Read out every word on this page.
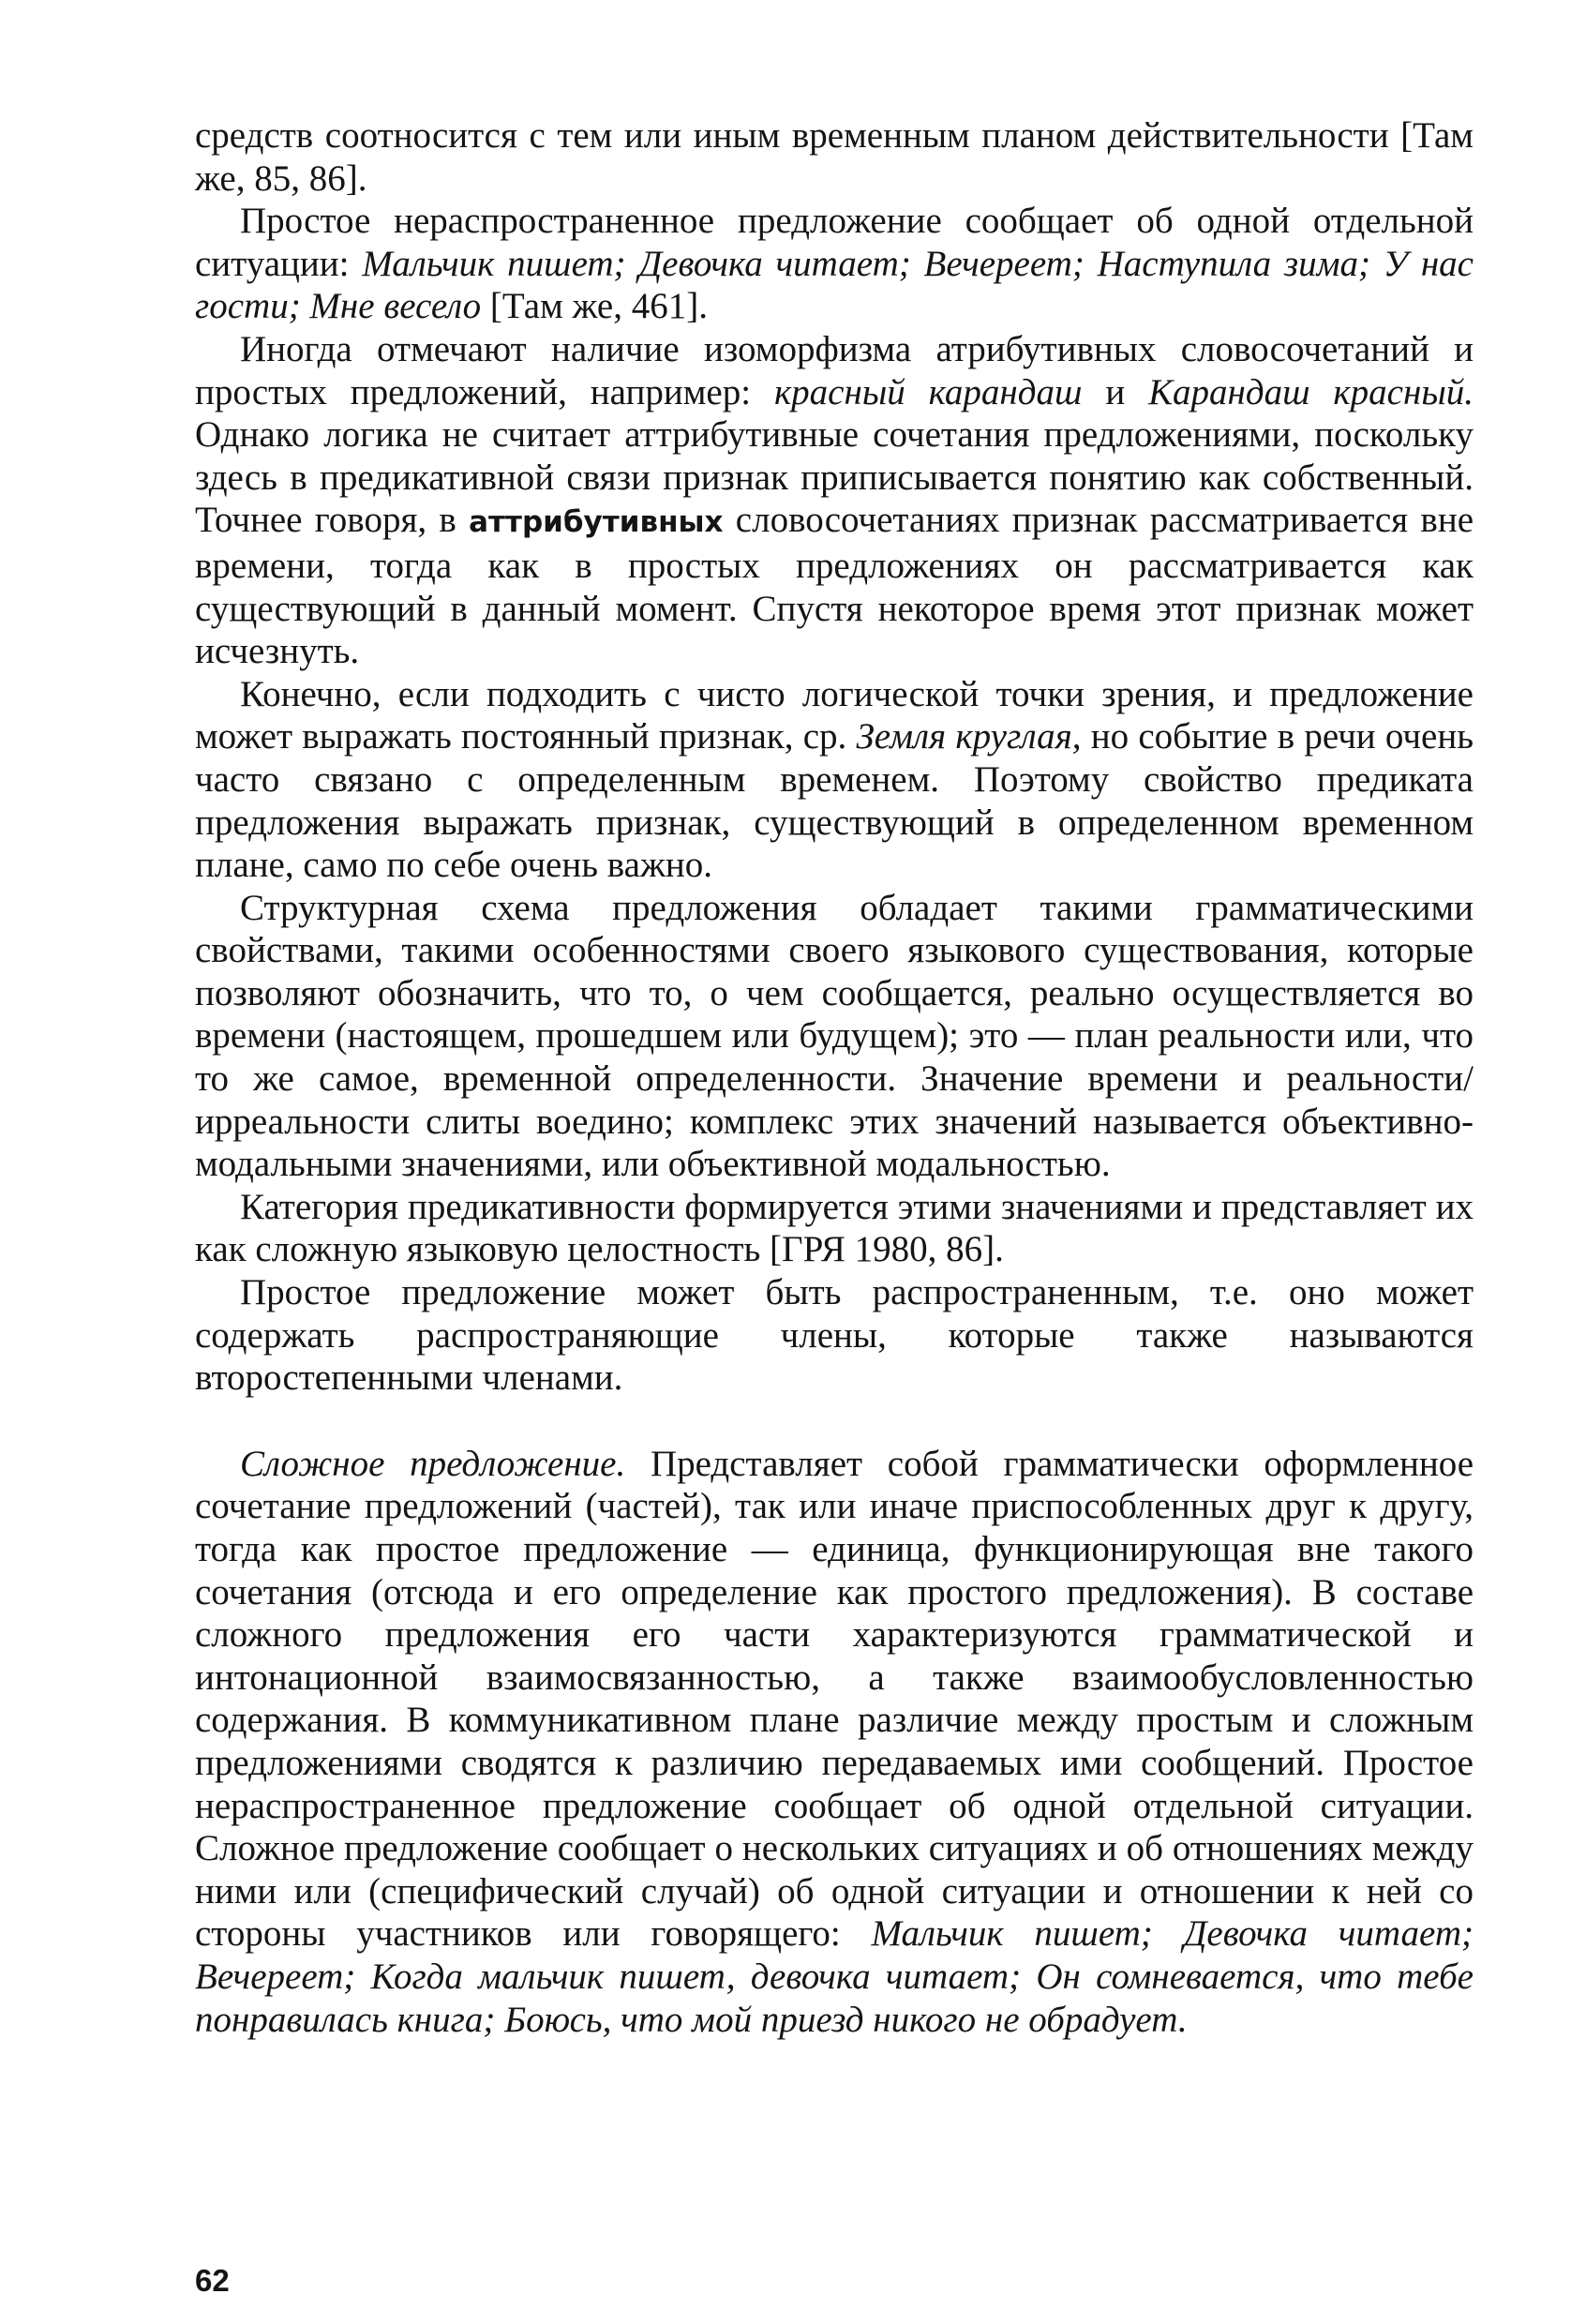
средств соотносится с тем или иным временным планом действительности [Там же, 85, 86].

Простое нераспространенное предложение сообщает об одной отдельной ситуации: Мальчик пишет; Девочка читает; Вечереет; Наступила зима; У нас гости; Мне весело [Там же, 461].

Иногда отмечают наличие изоморфизма атрибутивных словосочетаний и простых предложений, например: красный карандаш и Карандаш красный. Однако логика не считает аттрибутивные сочетания предложениями, поскольку здесь в предикативной связи признак приписывается понятию как собственный. Точнее говоря, в аттрибутивных словосочетаниях признак рассматривается вне времени, тогда как в простых предложениях он рассматривается как существующий в данный момент. Спустя некоторое время этот признак может исчезнуть.

Конечно, если подходить с чисто логической точки зрения, и предложение может выражать постоянный признак, ср. Земля круглая, но событие в речи очень часто связано с определенным временем. Поэтому свойство предиката предложения выражать признак, существующий в определенном временном плане, само по себе очень важно.

Структурная схема предложения обладает такими грамматическими свойствами, такими особенностями своего языкового существования, которые позволяют обозначить, что то, о чем сообщается, реально осуществляется во времени (настоящем, прошедшем или будущем); это — план реальности или, что то же самое, временной определенности. Значение времени и реальности/ ирреальности слиты воедино; комплекс этих значений называется объективно-модальными значениями, или объективной модальностью.

Категория предикативности формируется этими значениями и представляет их как сложную языковую целостность [ГРЯ 1980, 86].

Простое предложение может быть распространенным, т.е. оно может содержать распространяющие члены, которые также называются второстепенными членами.

Сложное предложение. Представляет собой грамматически оформленное сочетание предложений (частей), так или иначе приспособленных друг к другу, тогда как простое предложение — единица, функционирующая вне такого сочетания (отсюда и его определение как простого предложения). В составе сложного предложения его части характеризуются грамматической и интонационной взаимосвязанностью, а также взаимообусловленностью содержания. В коммуникативном плане различие между простым и сложным предложениями сводятся к различию передаваемых ими сообщений. Простое нераспространенное предложение сообщает об одной отдельной ситуации. Сложное предложение сообщает о нескольких ситуациях и об отношениях между ними или (специфический случай) об одной ситуации и отношении к ней со стороны участников или говорящего: Мальчик пишет; Девочка читает; Вечереет; Когда мальчик пишет, девочка читает; Он сомневается, что тебе понравилась книга; Боюсь, что мой приезд никого не обрадует.

62
